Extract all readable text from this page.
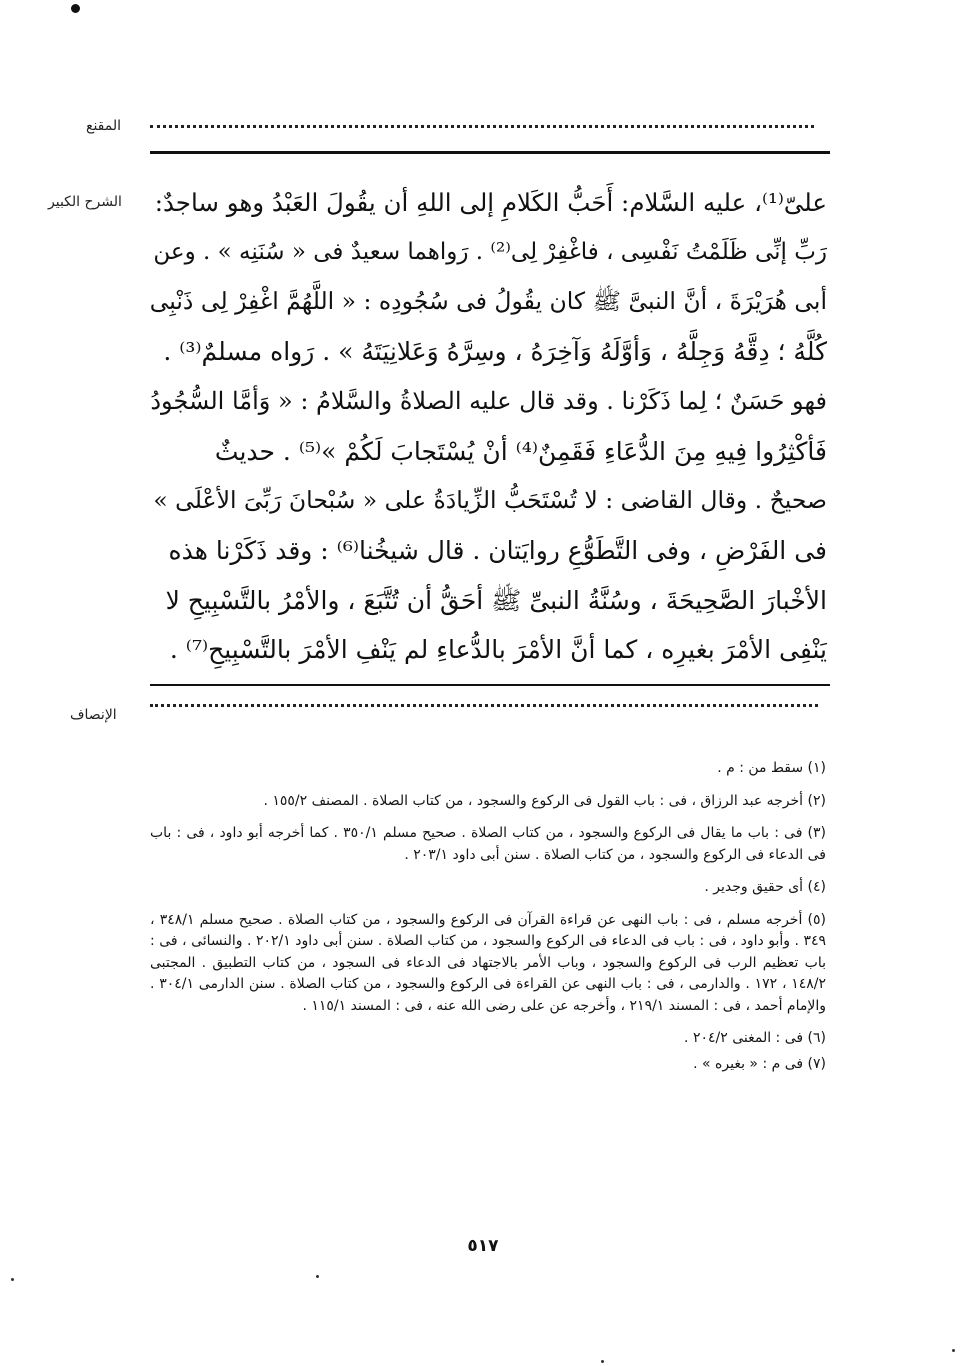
المقنع
الشرح الكبير	علىّ⁽¹⁾، عليه السَّلام: أَحَبُّ الكَلامِ إلى اللهِ أن يقُولَ العَبْدُ وهو ساجدٌ:
رَبِّ إنِّى ظَلَمْتُ نَفْسِى ، فاغْفِرْ لِى⁽²⁾ . رَواهما سعيدٌ فى « سُنَنِه » . وعن
أبى هُرَيْرَةَ ، أنَّ النبىَّ ﷺ كان يقُولُ فى سُجُودِه : « اللَّهُمَّ اغْفِرْ لِى ذَنْبِى
كُلَّهُ ؛ دِقَّهُ وَجِلَّهُ ، وَأوَّلَهُ وَآخِرَهُ ، وسِرَّهُ وَعَلانِيَتَهُ » . رَواه مسلمٌ⁽³⁾ .
فهو حَسَنٌ ؛ لِما ذَكَرْنا . وقد قال عليه الصلاةُ والسَّلامُ : « وَأمَّا السُّجُودُ
فَأكْثِرُوا فِيهِ مِنَ الدُّعَاءِ فَقَمِنٌ⁽⁴⁾ أنْ يُسْتَجابَ لَكُمْ »⁽⁵⁾ . حديثٌ
صحيحٌ . وقال القاضى : لا تُسْتَحَبُّ الزِّيادَةُ على « سُبْحانَ رَبِّىَ الأعْلَى »
فى الفَرْضِ ، وفى التَّطَوُّعِ روايَتان . قال شيخُنا⁽⁶⁾ : وقد ذَكَرْنا هذه
الأخْبارَ الصَّحِيحَةَ ، وسُنَّةُ النبىِّ ﷺ أحَقُّ أن تُتَّبَعَ ، والأمْرُ بالتَّسْبِيحِ لا
يَنْفِى الأمْرَ بغيرِه ، كما أنَّ الأمْرَ بالدُّعاءِ لم يَنْفِ الأمْرَ بالتَّسْبِيحِ⁽⁷⁾ .
الإنصاف

(١) سقط من : م .

(٢) أخرجه عبد الرزاق ، فى : باب القول فى الركوع والسجود ، من كتاب الصلاة . المصنف ١٥٥/٢ .

(٣) فى : باب ما يقال فى الركوع والسجود ، من كتاب الصلاة . صحيح مسلم ٣٥٠/١ . كما أخرجه أبو داود ، فى : باب فى الدعاء فى الركوع والسجود ، من كتاب الصلاة . سنن أبى داود ٢٠٣/١ .

(٤) أى حقيق وجدير .

(٥) أخرجه مسلم ، فى : باب النهى عن قراءة القرآن فى الركوع والسجود ، من كتاب الصلاة . صحيح مسلم ٣٤٨/١ ، ٣٤٩ . وأبو داود ، فى : باب فى الدعاء فى الركوع والسجود ، من كتاب الصلاة . سنن أبى داود ٢٠٢/١ . والنسائى ، فى : باب تعظيم الرب فى الركوع والسجود ، وباب الأمر بالاجتهاد فى الدعاء فى السجود ، من كتاب التطبيق . المجتبى ١٤٨/٢ ، ١٧٢ . والدارمى ، فى : باب النهى عن القراءة فى الركوع والسجود ، من كتاب الصلاة . سنن الدارمى ٣٠٤/١ . والإمام أحمد ، فى : المسند ٢١٩/١ ، وأخرجه عن على رضى الله عنه ، فى : المسند ١١٥/١ .

(٦) فى : المغنى ٢٠٤/٢ .

(٧) فى م : « بغيره » .

٥١٧
